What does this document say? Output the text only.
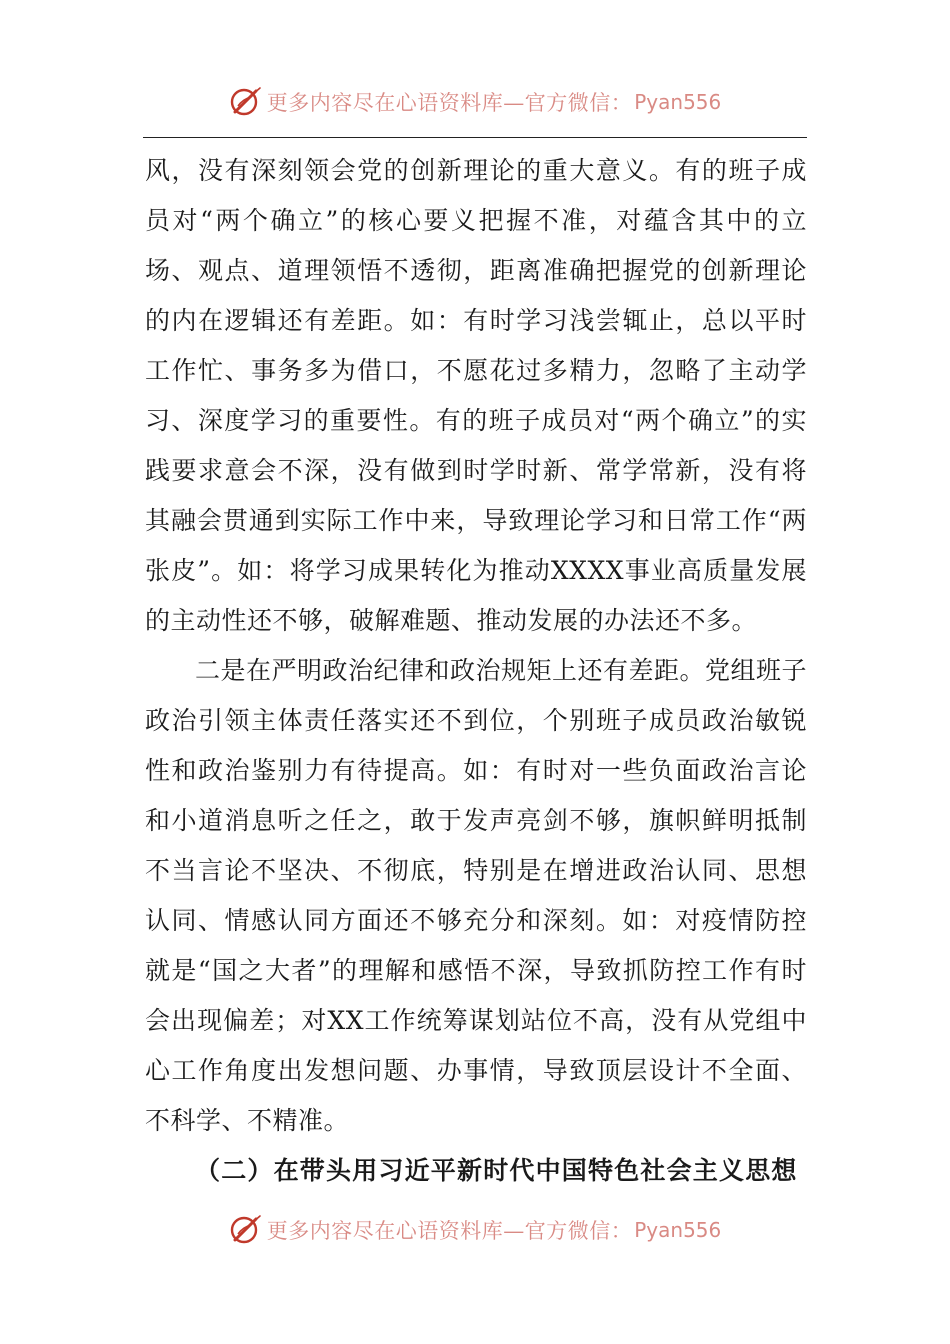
更多内容尽在心语资料库—官方微信： Pyan556

风，没有深刻领会党的创新理论的重大意义。有的班子成员对“两个确立”的核心要义把握不准，对蕴含其中的立场、观点、道理领悟不透彻，距离准确把握党的创新理论的内在逻辑还有差距。如：有时学习浅尝辄止，总以平时工作忙、事务多为借口，不愿花过多精力，忽略了主动学习、深度学习的重要性。有的班子成员对“两个确立”的实践要求意会不深，没有做到时学时新、常学常新，没有将其融会贯通到实际工作中来，导致理论学习和日常工作“两张皮”。如：将学习成果转化为推动XXXX事业高质量发展的主动性还不够，破解难题、推动发展的办法还不多。

二是在严明政治纪律和政治规矩上还有差距。党组班子政治引领主体责任落实还不到位，个别班子成员政治敏锐性和政治鉴别力有待提高。如：有时对一些负面政治言论和小道消息听之任之，敢于发声亮剑不够，旗帜鲜明抵制不当言论不坚决、不彻底，特别是在增进政治认同、思想认同、情感认同方面还不够充分和深刻。如：对疫情防控就是“国之大者”的理解和感悟不深，导致抓防控工作有时会出现偏差；对XX工作统筹谋划站位不高，没有从党组中心工作角度出发想问题、办事情，导致顶层设计不全面、不科学、不精准。

（二）在带头用习近平新时代中国特色社会主义思想

更多内容尽在心语资料库—官方微信： Pyan556
